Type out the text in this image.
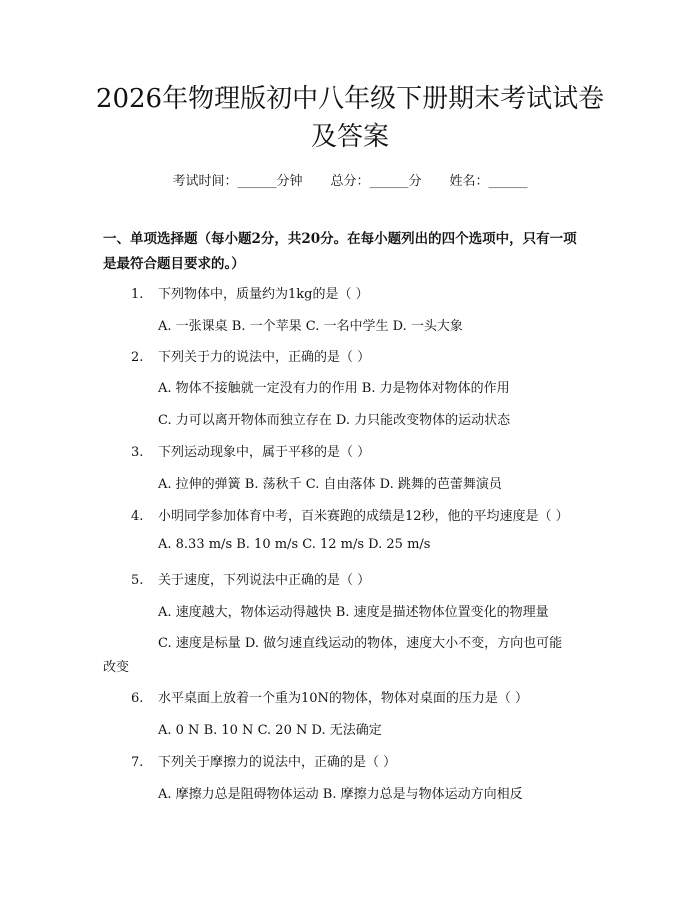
2026年物理版初中八年级下册期末考试试卷
及答案
考试时间：______分钟 总分：______分 姓名：______
一、单项选择题（每小题2分，共20分。在每小题列出的四个选项中，只有一项
是最符合题目要求的。）
1. 下列物体中，质量约为1kg的是（ ）
A. 一张课桌 B. 一个苹果 C. 一名中学生 D. 一头大象
2. 下列关于力的说法中，正确的是（ ）
A. 物体不接触就一定没有力的作用 B. 力是物体对物体的作用
C. 力可以离开物体而独立存在 D. 力只能改变物体的运动状态
3. 下列运动现象中，属于平移的是（ ）
A. 拉伸的弹簧 B. 荡秋千 C. 自由落体 D. 跳舞的芭蕾舞演员
4. 小明同学参加体育中考，百米赛跑的成绩是12秒，他的平均速度是（ ）
A. 8.33 m/s B. 10 m/s C. 12 m/s D. 25 m/s
5. 关于速度，下列说法中正确的是（ ）
A. 速度越大，物体运动得越快 B. 速度是描述物体位置变化的物理量
C. 速度是标量 D. 做匀速直线运动的物体，速度大小不变，方向也可能
改变
6. 水平桌面上放着一个重为10N的物体，物体对桌面的压力是（ ）
A. 0 N B. 10 N C. 20 N D. 无法确定
7. 下列关于摩擦力的说法中，正确的是（ ）
A. 摩擦力总是阻碍物体运动 B. 摩擦力总是与物体运动方向相反
